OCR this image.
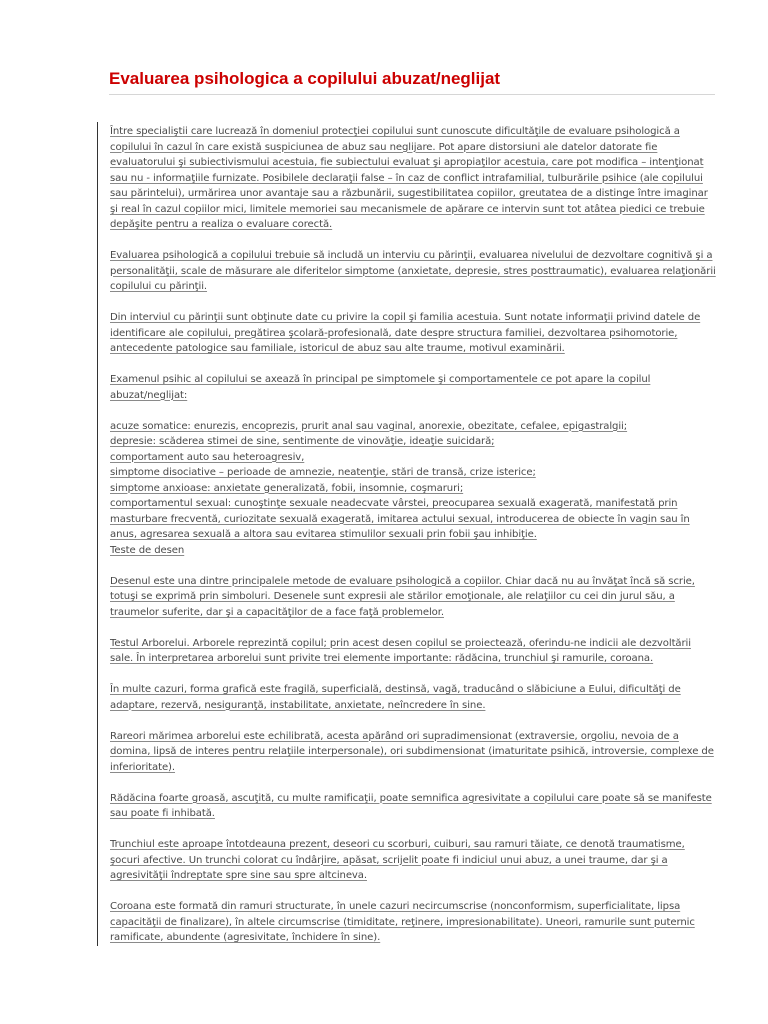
Evaluarea psihologica a copilului abuzat/neglijat

Între specialiştii care lucrează în domeniul protecţiei copilului sunt cunoscute dificultăţile de evaluare psihologică a copilului în cazul în care există suspiciunea de abuz sau neglijare. Pot apare distorsiuni ale datelor datorate fie evaluatorului şi subiectivismului acestuia, fie subiectului evaluat şi apropiaţilor acestuia, care pot modifica – intenţionat sau nu - informaţiile furnizate. Posibilele declaraţii false – în caz de conflict intrafamilial, tulburările psihice (ale copilului sau părintelui), urmărirea unor avantaje sau a răzbunării, sugestibilitatea copiilor, greutatea de a distinge între imaginar şi real în cazul copiilor mici, limitele memoriei sau mecanismele de apărare ce intervin sunt tot atâtea piedici ce trebuie depăşite pentru a realiza o evaluare corectă.

Evaluarea psihologică a copilului trebuie să includă un interviu cu părinţii, evaluarea nivelului de dezvoltare cognitivă şi a personalităţii, scale de măsurare ale diferitelor simptome (anxietate, depresie, stres posttraumatic), evaluarea relaţionării copilului cu părinţii.

Din interviul cu părinţii sunt obţinute date cu privire la copil şi familia acestuia. Sunt notate informaţii privind datele de identificare ale copilului, pregătirea şcolară-profesională, date despre structura familiei, dezvoltarea psihomotorie, antecedente patologice sau familiale, istoricul de abuz sau alte traume, motivul examinării.

Examenul psihic al copilului se axează în principal pe simptomele şi comportamentele ce pot apare la copilul abuzat/neglijat:

acuze somatice: enurezis, encoprezis, prurit anal sau vaginal, anorexie, obezitate, cefalee, epigastralgii;
depresie: scăderea stimei de sine, sentimente de vinovăţie, ideaţie suicidară;
comportament auto sau heteroagresiv,
simptome disociative – perioade de amnezie, neatenţie, stări de transă, crize isterice;
simptome anxioase: anxietate generalizată, fobii, insomnie, coşmaruri;
comportamentul sexual: cunoştinţe sexuale neadecvate vârstei, preocuparea sexuală exagerată, manifestată prin masturbare frecventă, curiozitate sexuală exagerată, imitarea actului sexual, introducerea de obiecte în vagin sau în anus, agresarea sexuală a altora sau evitarea stimulilor sexuali prin fobii şau inhibiţie.
Teste de desen

Desenul este una dintre principalele metode de evaluare psihologică a copiilor. Chiar dacă nu au învăţat încă să scrie, totuşi se exprimă prin simboluri. Desenele sunt expresii ale stărilor emoţionale, ale relaţiilor cu cei din jurul său, a traumelor suferite, dar şi a capacităţilor de a face faţă problemelor.

Testul Arborelui. Arborele reprezintă copilul; prin acest desen copilul se proiectează, oferindu-ne indicii ale dezvoltării sale. În interpretarea arborelui sunt privite trei elemente importante: rădăcina, trunchiul şi ramurile, coroana.

În multe cazuri, forma grafică este fragilă, superficială, destinsă, vagă, traducând o slăbiciune a Eului, dificultăţi de adaptare, rezervă, nesiguranţă, instabilitate, anxietate, neîncredere în sine.

Rareori mărimea arborelui este echilibrată, acesta apărând ori supradimensionat (extraversie, orgoliu, nevoia de a domina, lipsă de interes pentru relaţiile interpersonale), ori subdimensionat (imaturitate psihică, introversie, complexe de inferioritate).

Rădăcina foarte groasă, ascuţită, cu multe ramificaţii, poate semnifica agresivitate a copilului care poate să se manifeste sau poate fi inhibată.

Trunchiul este aproape întotdeauna prezent, deseori cu scorburi, cuiburi, sau ramuri tăiate, ce denotă traumatisme, şocuri afective. Un trunchi colorat cu îndârjire, apăsat, scrijelit poate fi indiciul unui abuz, a unei traume, dar şi a agresivităţii îndreptate spre sine sau spre altcineva.

Coroana este formată din ramuri structurate, în unele cazuri necircumscrise (nonconformism, superficialitate, lipsa capacităţii de finalizare), în altele circumscrise (timiditate, reţinere, impresionabilitate). Uneori, ramurile sunt puternic ramificate, abundente (agresivitate, închidere în sine).
